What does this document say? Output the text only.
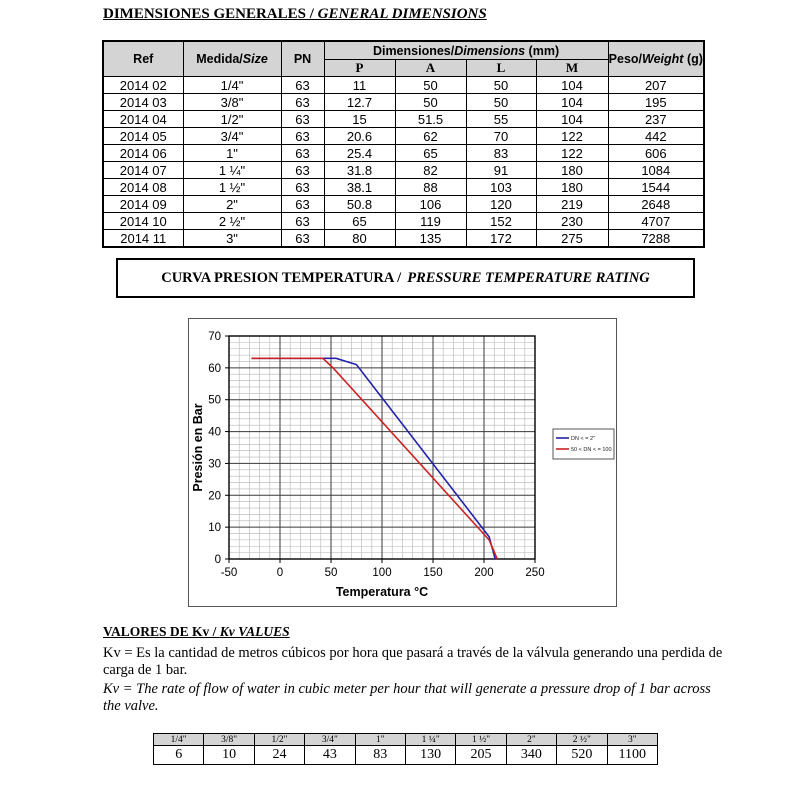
DIMENSIONES GENERALES / GENERAL DIMENSIONS
Ref	Medida/Size	PN	Dimensiones/Dimensions (mm)				Peso/Weight (g)
			P	A	L	M	
2014 02	1/4"	63	11	50	50	104	207
2014 03	3/8"	63	12.7	50	50	104	195
2014 04	1/2"	63	15	51.5	55	104	237
2014 05	3/4"	63	20.6	62	70	122	442
2014 06	1"	63	25.4	65	83	122	606
2014 07	1 ¼"	63	31.8	82	91	180	1084
2014 08	1 ½"	63	38.1	88	103	180	1544
2014 09	2"	63	50.8	106	120	219	2648
2014 10	2 ½"	63	65	119	152	230	4707
2014 11	3"	63	80	135	172	275	7288
CURVA PRESION TEMPERATURA / PRESSURE TEMPERATURE RATING
-50	0	50	100	150	200	250
0
10
20
30
40
50
60
70
Temperatura °C
Presión en Bar	DN < = 2"
50 < DN < = 100
VALORES DE Kv / Kv VALUES

Kv = Es la cantidad de metros cúbicos por hora que pasará a través de la válvula generando una perdida de carga de 1 bar.

Kv = The rate of flow of water in cubic meter per hour that will generate a pressure drop of 1 bar across the valve.

1/4"	3/8"	1/2"	3/4"	1"	1 ¼"	1 ½"	2"	2 ½"	3"
6	10	24	43	83	130	205	340	520	1100
